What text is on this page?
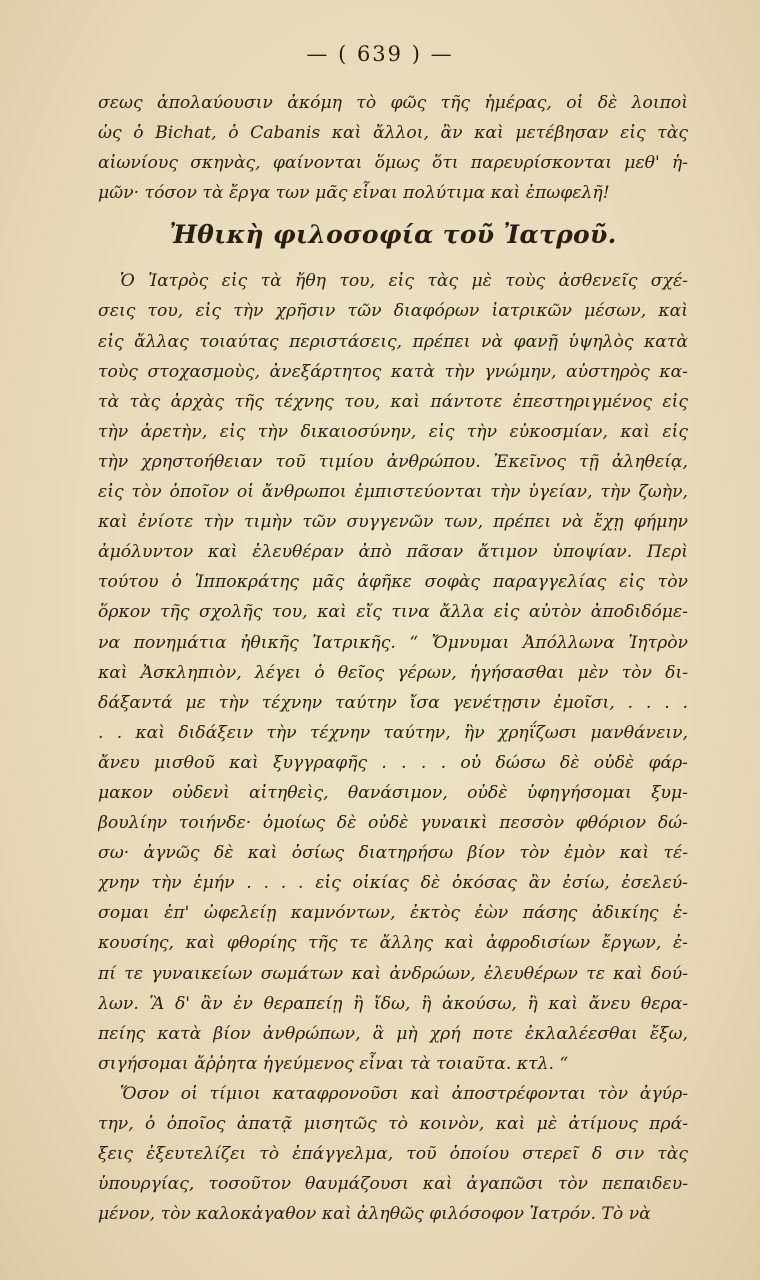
— ( 639 ) —
σεως ἀπολαύουσιν ἀκόμη τὸ φῶς τῆς ἡμέρας, οἱ δὲ λοιποὶ
ὡς ὁ Bichat, ὁ Cabanis καὶ ἄλλοι, ἂν καὶ μετέβησαν εἰς τὰς
αἰωνίους σκηνὰς, φαίνονται ὅμως ὅτι παρευρίσκονται μεθ' ἡ-
μῶν· τόσον τὰ ἔργα των μᾶς εἶναι πολύτιμα καὶ ἐπωφελῆ!
Ἠθικὴ φιλοσοφία τοῦ Ἰατροῦ.
Ὁ Ἰατρὸς εἰς τὰ ἤθη του, εἰς τὰς μὲ τοὺς ἀσθενεῖς σχέ-
σεις του, εἰς τὴν χρῆσιν τῶν διαφόρων ἰατρικῶν μέσων, καὶ
εἰς ἄλλας τοιαύτας περιστάσεις, πρέπει νὰ φανῇ ὑψηλὸς κατὰ
τοὺς στοχασμοὺς, ἀνεξάρτητος κατὰ τὴν γνώμην, αὐστηρὸς κα-
τὰ τὰς ἀρχὰς τῆς τέχνης του, καὶ πάντοτε ἐπεστηριγμένος εἰς
τὴν ἀρετὴν, εἰς τὴν δικαιοσύνην, εἰς τὴν εὐκοσμίαν, καὶ εἰς
τὴν χρηστοήθειαν τοῦ τιμίου ἀνθρώπου. Ἐκεῖνος τῇ ἀληθείᾳ,
εἰς τὸν ὁποῖον οἱ ἄνθρωποι ἐμπιστεύονται τὴν ὑγείαν, τὴν ζωὴν,
καὶ ἐνίοτε τὴν τιμὴν τῶν συγγενῶν των, πρέπει νὰ ἔχῃ φήμην
ἀμόλυντον καὶ ἐλευθέραν ἀπὸ πᾶσαν ἄτιμον ὑποψίαν. Περὶ
τούτου ὁ Ἱπποκράτης μᾶς ἀφῆκε σοφὰς παραγγελίας εἰς τὸν
ὅρκον τῆς σχολῆς του, καὶ εἴς τινα ἄλλα εἰς αὐτὸν ἀποδιδόμε-
να πονημάτια ἠθικῆς Ἰατρικῆς. “ Ὄμνυμαι Ἀπόλλωνα Ἰητρὸν
καὶ Ἀσκληπιὸν, λέγει ὁ θεῖος γέρων, ἡγήσασθαι μὲν τὸν δι-
δάξαντά με τὴν τέχνην ταύτην ἴσα γενέτῃσιν ἐμοῖσι, . . . .
. . καὶ διδάξειν τὴν τέχνην ταύτην, ἢν χρηΐζωσι μανθάνειν,
ἄνευ μισθοῦ καὶ ξυγγραφῆς . . . . οὐ δώσω δὲ οὐδὲ φάρ-
μακον οὐδενὶ αἰτηθεὶς, θανάσιμον, οὐδὲ ὑφηγήσομαι ξυμ-
βουλίην τοιήνδε· ὁμοίως δὲ οὐδὲ γυναικὶ πεσσὸν φθόριον δώ-
σω· ἁγνῶς δὲ καὶ ὁσίως διατηρήσω βίον τὸν ἐμὸν καὶ τέ-
χνην τὴν ἐμήν . . . . εἰς οἰκίας δὲ ὁκόσας ἂν ἐσίω, ἐσελεύ-
σομαι ἐπ' ὠφελείῃ καμνόντων, ἐκτὸς ἐὼν πάσης ἀδικίης ἑ-
κουσίης, καὶ φθορίης τῆς τε ἄλλης καὶ ἀφροδισίων ἔργων, ἐ-
πί τε γυναικείων σωμάτων καὶ ἀνδρώων, ἐλευθέρων τε καὶ δού-
λων. Ἃ δ' ἂν ἐν θεραπείῃ ἢ ἴδω, ἢ ἀκούσω, ἢ καὶ ἄνευ θερα-
πείης κατὰ βίον ἀνθρώπων, ἃ μὴ χρή ποτε ἐκλαλέεσθαι ἔξω,
σιγήσομαι ἄῤῥητα ἡγεύμενος εἶναι τὰ τοιαῦτα. κτλ. “
Ὅσον οἱ τίμιοι καταφρονοῦσι καὶ ἀποστρέφονται τὸν ἀγύρ-
την, ὁ ὁποῖος ἀπατᾷ μισητῶς τὸ κοινὸν, καὶ μὲ ἀτίμους πρά-
ξεις ἐξευτελίζει τὸ ἐπάγγελμα, τοῦ ὁποίου στερεῖ δ σιν τὰς
ὑπουργίας, τοσοῦτον θαυμάζουσι καὶ ἀγαπῶσι τὸν πεπαιδευ-
μένον, τὸν καλοκἀγαθον καὶ ἀληθῶς φιλόσοφον Ἰατρόν. Τὸ νὰ
